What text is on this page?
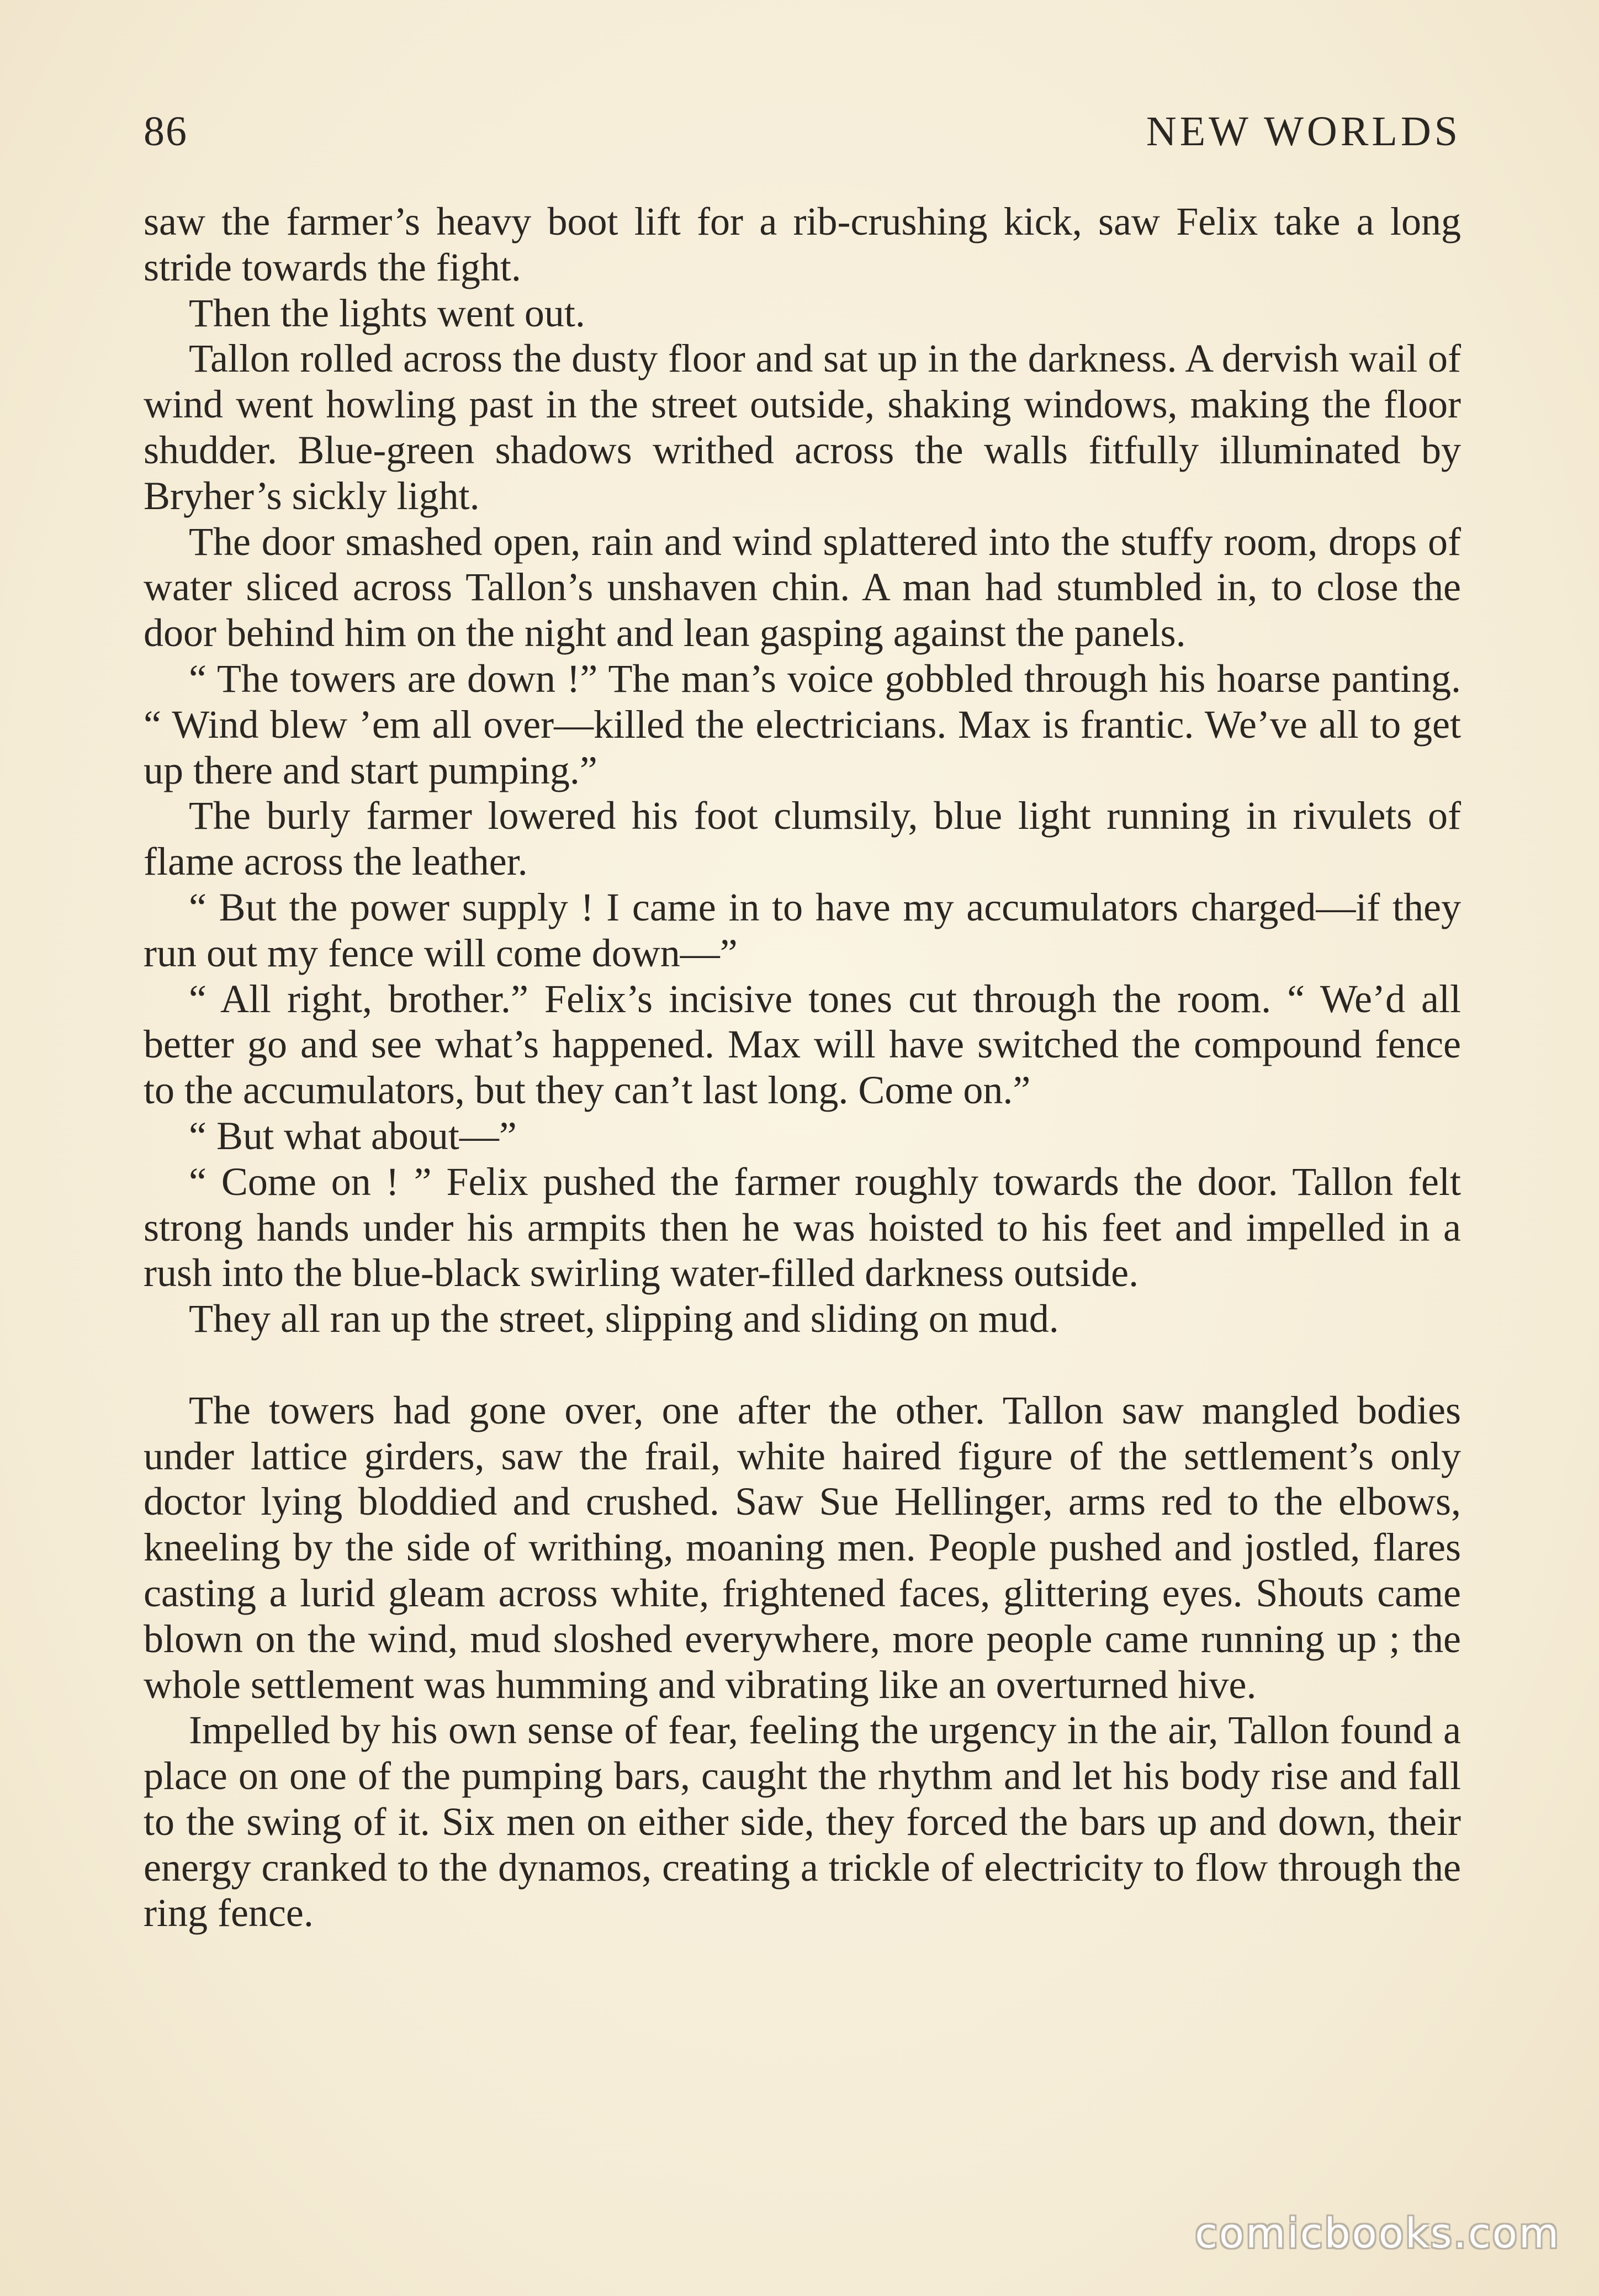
86	NEW WORLDS

saw the farmer’s heavy boot lift for a rib-crushing kick, saw Felix take a long stride towards the fight.

Then the lights went out.

Tallon rolled across the dusty floor and sat up in the darkness. A dervish wail of wind went howling past in the street outside, shaking windows, making the floor shudder. Blue-green shadows writhed across the walls fitfully illuminated by Bryher’s sickly light.

The door smashed open, rain and wind splattered into the stuffy room, drops of water sliced across Tallon’s unshaven chin. A man had stumbled in, to close the door behind him on the night and lean gasping against the panels.

“ The towers are down !” The man’s voice gobbled through his hoarse panting. “ Wind blew ’em all over—killed the electricians. Max is frantic. We’ve all to get up there and start pumping.”

The burly farmer lowered his foot clumsily, blue light running in rivulets of flame across the leather.

“ But the power supply ! I came in to have my accumulators charged—if they run out my fence will come down—”

“ All right, brother.” Felix’s incisive tones cut through the room. “ We’d all better go and see what’s happened. Max will have switched the compound fence to the accumulators, but they can’t last long. Come on.”

“ But what about—”

“ Come on ! ” Felix pushed the farmer roughly towards the door. Tallon felt strong hands under his armpits then he was hoisted to his feet and impelled in a rush into the blue-black swirling water-filled darkness outside.

They all ran up the street, slipping and sliding on mud.

The towers had gone over, one after the other. Tallon saw mangled bodies under lattice girders, saw the frail, white haired figure of the settlement’s only doctor lying bloddied and crushed. Saw Sue Hellinger, arms red to the elbows, kneeling by the side of writhing, moaning men. People pushed and jostled, flares casting a lurid gleam across white, frightened faces, glittering eyes. Shouts came blown on the wind, mud sloshed everywhere, more people came running up ; the whole settlement was humming and vibrating like an overturned hive.

Impelled by his own sense of fear, feeling the urgency in the air, Tallon found a place on one of the pumping bars, caught the rhythm and let his body rise and fall to the swing of it. Six men on either side, they forced the bars up and down, their energy cranked to the dynamos, creating a trickle of electricity to flow through the ring fence.

comicbooks.com
